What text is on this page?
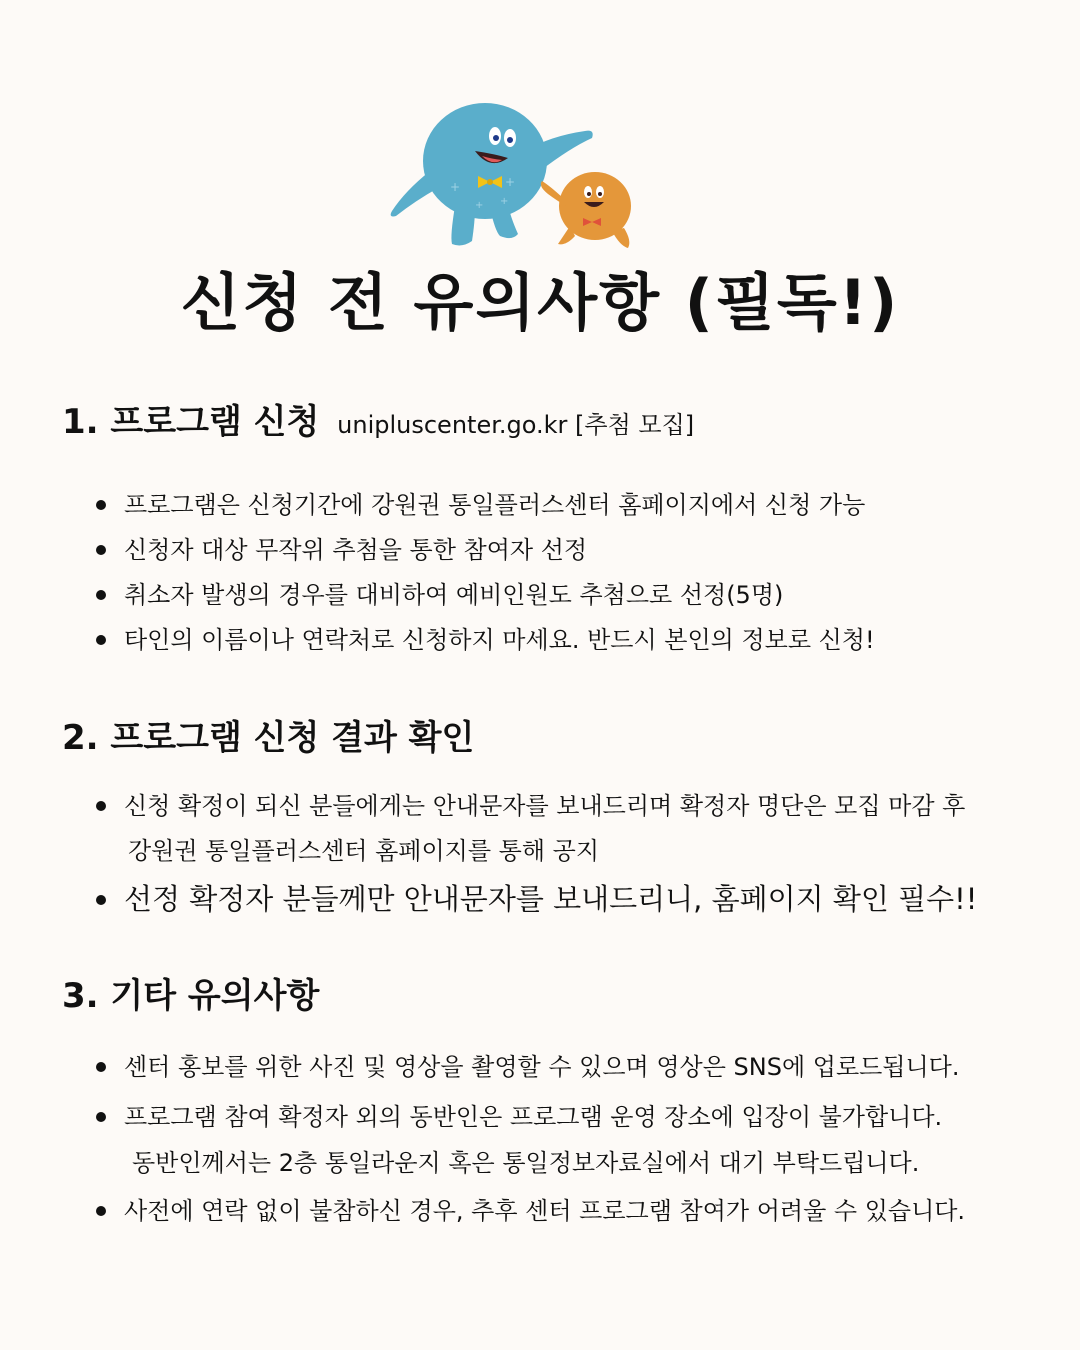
+	+
+ +
신청 전 유의사항 (필독!)
1. 프로그램 신청 unipluscenter.go.kr [추첨 모집]
프로그램은 신청기간에 강원권 통일플러스센터 홈페이지에서 신청 가능
신청자 대상 무작위 추첨을 통한 참여자 선정
취소자 발생의 경우를 대비하여 예비인원도 추첨으로 선정(5명)
타인의 이름이나 연락처로 신청하지 마세요. 반드시 본인의 정보로 신청!
2. 프로그램 신청 결과 확인
신청 확정이 되신 분들에게는 안내문자를 보내드리며 확정자 명단은 모집 마감 후
강원권 통일플러스센터 홈페이지를 통해 공지
선정 확정자 분들께만 안내문자를 보내드리니, 홈페이지 확인 필수!!
3. 기타 유의사항
센터 홍보를 위한 사진 및 영상을 촬영할 수 있으며 영상은 SNS에 업로드됩니다.
프로그램 참여 확정자 외의 동반인은 프로그램 운영 장소에 입장이 불가합니다.
동반인께서는 2층 통일라운지 혹은 통일정보자료실에서 대기 부탁드립니다.
사전에 연락 없이 불참하신 경우, 추후 센터 프로그램 참여가 어려울 수 있습니다.
